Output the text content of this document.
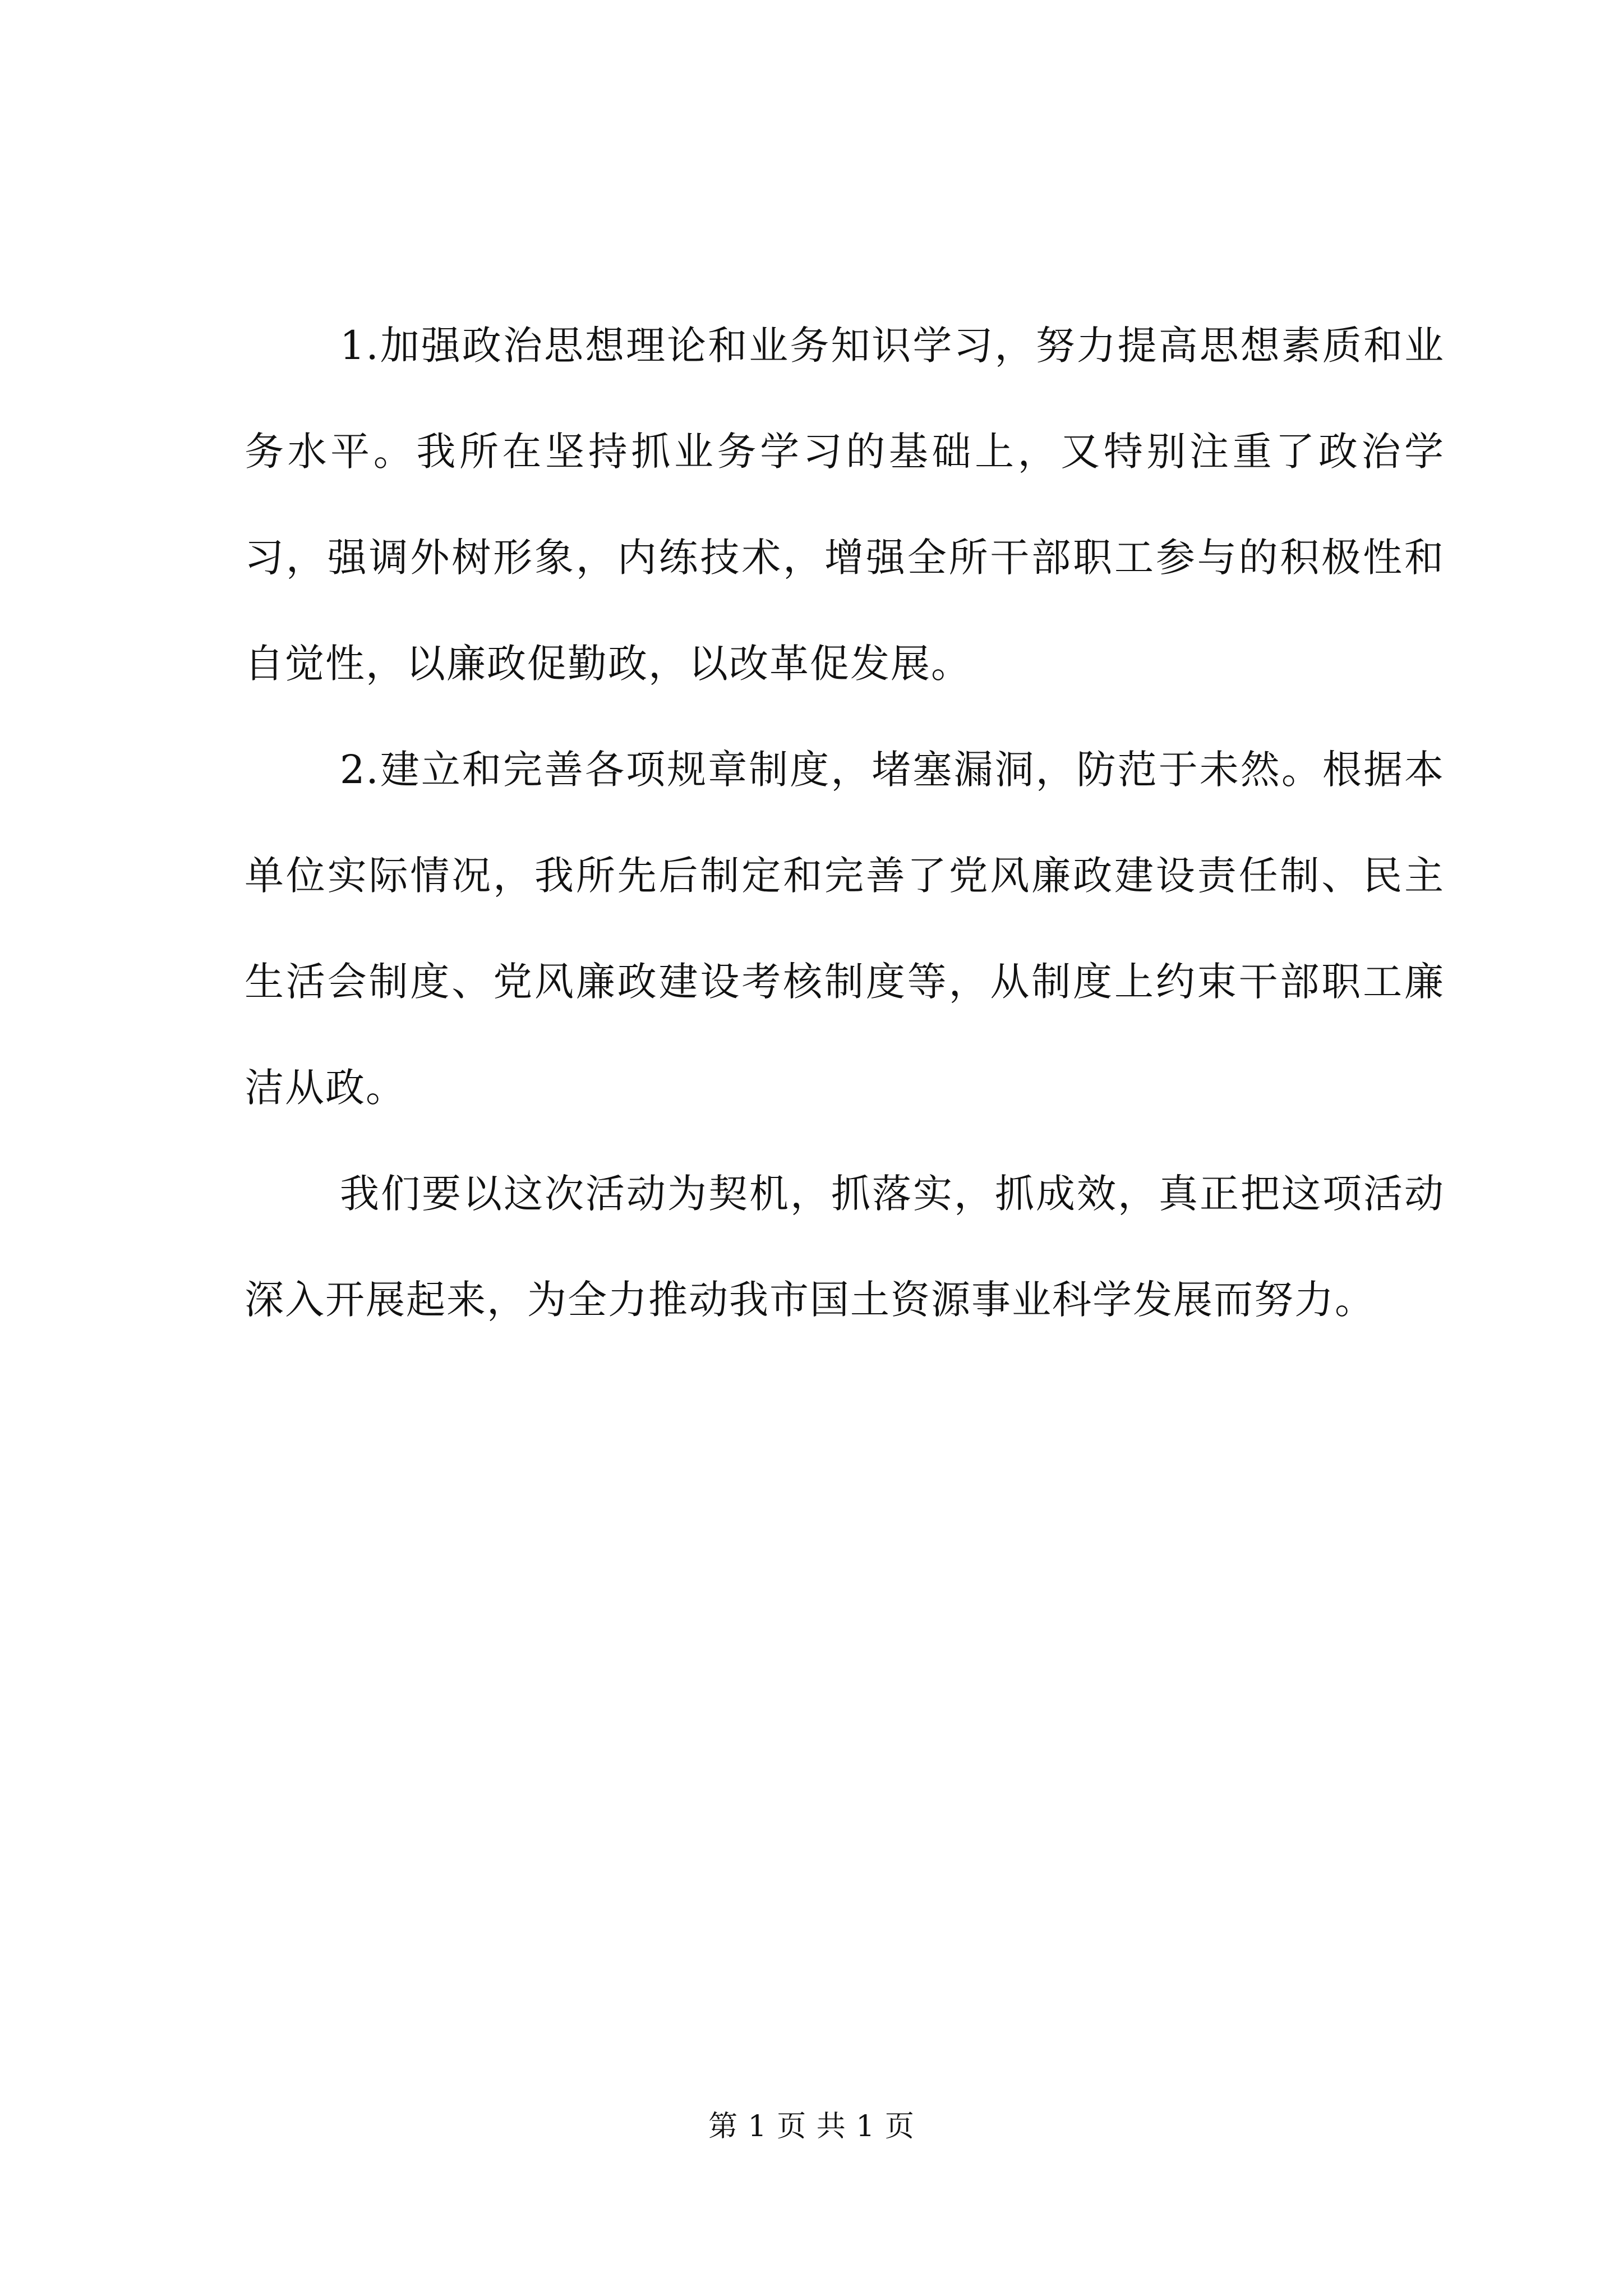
1.加强政治思想理论和业务知识学习，努力提高思想素质和业务水平。我所在坚持抓业务学习的基础上，又特别注重了政治学习，强调外树形象，内练技术，增强全所干部职工参与的积极性和自觉性，以廉政促勤政，以改革促发展。

2.建立和完善各项规章制度，堵塞漏洞，防范于未然。根据本单位实际情况，我所先后制定和完善了党风廉政建设责任制、民主生活会制度、党风廉政建设考核制度等，从制度上约束干部职工廉洁从政。

我们要以这次活动为契机，抓落实，抓成效，真正把这项活动深入开展起来，为全力推动我市国土资源事业科学发展而努力。

第 1 页 共 1 页
